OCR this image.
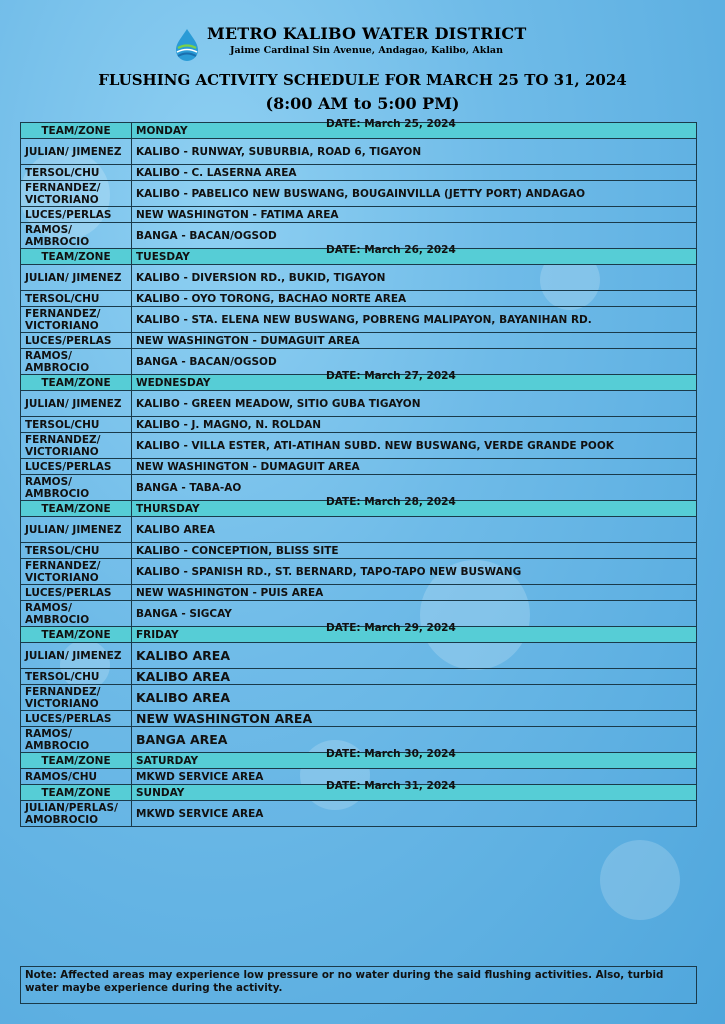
METRO KALIBO WATER DISTRICT
Jaime Cardinal Sin Avenue, Andagao, Kalibo, Aklan
FLUSHING ACTIVITY SCHEDULE FOR MARCH 25 TO 31, 2024
(8:00 AM to 5:00 PM)
TEAM/ZONE	MONDAY
DATE: March 25, 2024

JULIAN/ JIMENEZ	KALIBO - RUNWAY, SUBURBIA, ROAD 6, TIGAYON
TERSOL/CHU	KALIBO - C. LASERNA AREA
FERNANDEZ/ VICTORIANO	KALIBO - PABELICO NEW BUSWANG, BOUGAINVILLA (JETTY PORT) ANDAGAO
LUCES/PERLAS	NEW WASHINGTON - FATIMA AREA
RAMOS/ AMBROCIO	BANGA - BACAN/OGSOD
TEAM/ZONE	TUESDAY
DATE: March 26, 2024

JULIAN/ JIMENEZ	KALIBO - DIVERSION RD., BUKID, TIGAYON
TERSOL/CHU	KALIBO - OYO TORONG, BACHAO NORTE AREA
FERNANDEZ/ VICTORIANO	KALIBO - STA. ELENA NEW BUSWANG, POBRENG MALIPAYON, BAYANIHAN RD.
LUCES/PERLAS	NEW WASHINGTON - DUMAGUIT AREA
RAMOS/ AMBROCIO	BANGA - BACAN/OGSOD
TEAM/ZONE	WEDNESDAY
DATE: March 27, 2024

JULIAN/ JIMENEZ	KALIBO - GREEN MEADOW, SITIO GUBA TIGAYON
TERSOL/CHU	KALIBO - J. MAGNO, N. ROLDAN
FERNANDEZ/ VICTORIANO	KALIBO - VILLA ESTER, ATI-ATIHAN SUBD. NEW BUSWANG, VERDE GRANDE POOK
LUCES/PERLAS	NEW WASHINGTON - DUMAGUIT AREA
RAMOS/ AMBROCIO	BANGA - TABA-AO
TEAM/ZONE	THURSDAY
DATE: March 28, 2024

JULIAN/ JIMENEZ	KALIBO AREA
TERSOL/CHU	KALIBO - CONCEPTION, BLISS SITE
FERNANDEZ/ VICTORIANO	KALIBO - SPANISH RD., ST. BERNARD, TAPO-TAPO NEW BUSWANG
LUCES/PERLAS	NEW WASHINGTON - PUIS AREA
RAMOS/ AMBROCIO	BANGA - SIGCAY
TEAM/ZONE	FRIDAY
DATE: March 29, 2024

JULIAN/ JIMENEZ	KALIBO AREA
TERSOL/CHU	KALIBO AREA
FERNANDEZ/ VICTORIANO	KALIBO AREA
LUCES/PERLAS	NEW WASHINGTON AREA
RAMOS/ AMBROCIO	BANGA AREA
TEAM/ZONE	SATURDAY
DATE: March 30, 2024

RAMOS/CHU	MKWD SERVICE AREA
TEAM/ZONE	SUNDAY
DATE: March 31, 2024

JULIAN/PERLAS/ AMOBROCIO	MKWD SERVICE AREA
Note: Affected areas may experience low pressure or no water during the said flushing activities. Also, turbid water maybe experience during the activity.
